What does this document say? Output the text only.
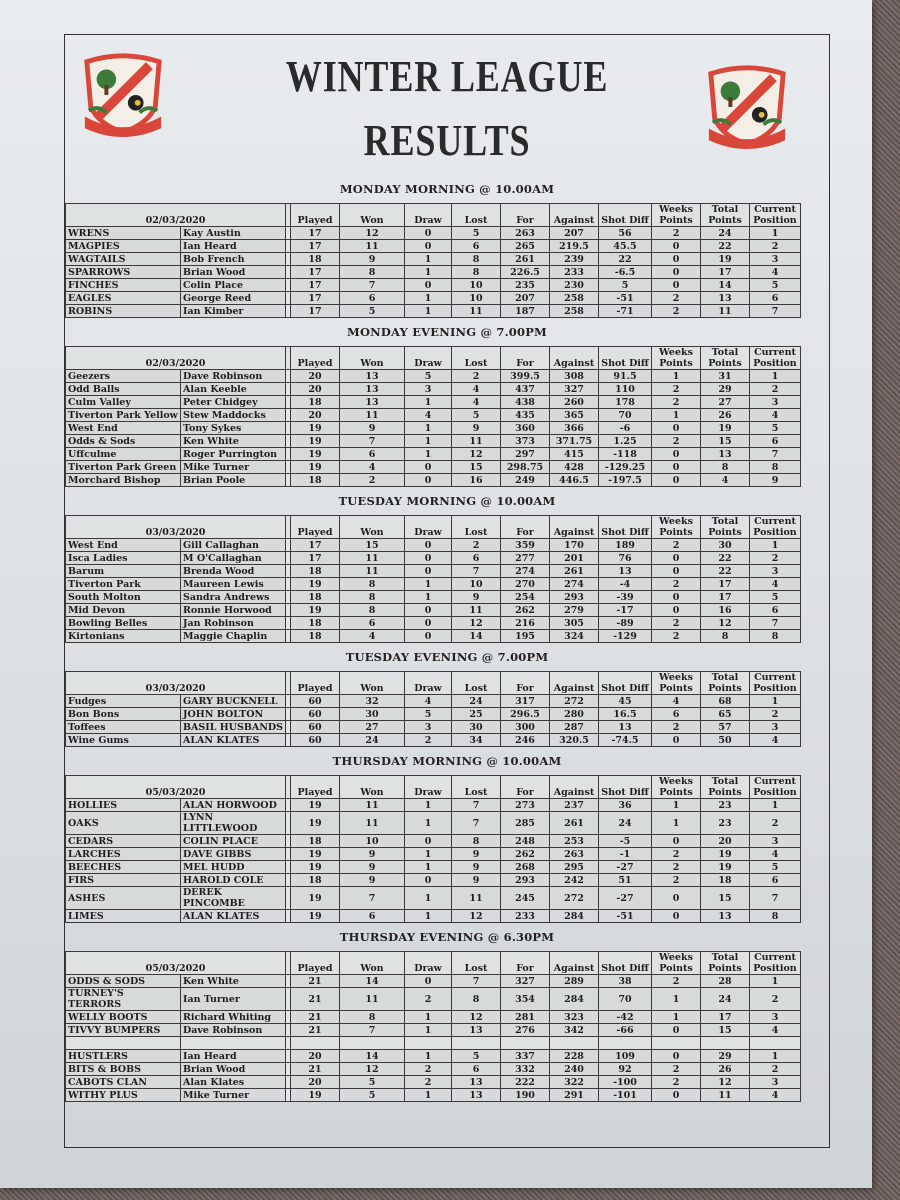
WINTER LEAGUE
RESULTS
MONDAY MORNING @ 10.00AM
02/03/2020			Played	Won	Draw	Lost	For	Against	Shot Diff	Weeks Points	Total Points	Current Position
WRENS	Kay Austin		17	12	0	5	263	207	56	2	24	1
MAGPIES	Ian Heard		17	11	0	6	265	219.5	45.5	0	22	2
WAGTAILS	Bob French		18	9	1	8	261	239	22	0	19	3
SPARROWS	Brian Wood		17	8	1	8	226.5	233	-6.5	0	17	4
FINCHES	Colin Place		17	7	0	10	235	230	5	0	14	5
EAGLES	George Reed		17	6	1	10	207	258	-51	2	13	6
ROBINS	Ian Kimber		17	5	1	11	187	258	-71	2	11	7
MONDAY EVENING @ 7.00PM
02/03/2020			Played	Won	Draw	Lost	For	Against	Shot Diff	Weeks Points	Total Points	Current Position
Geezers	Dave Robinson		20	13	5	2	399.5	308	91.5	1	31	1
Odd Balls	Alan Keeble		20	13	3	4	437	327	110	2	29	2
Culm Valley	Peter Chidgey		18	13	1	4	438	260	178	2	27	3
Tiverton Park Yellow	Stew Maddocks		20	11	4	5	435	365	70	1	26	4
West End	Tony Sykes		19	9	1	9	360	366	-6	0	19	5
Odds & Sods	Ken White		19	7	1	11	373	371.75	1.25	2	15	6
Uffculme	Roger Purrington		19	6	1	12	297	415	-118	0	13	7
Tiverton Park Green	Mike Turner		19	4	0	15	298.75	428	-129.25	0	8	8
Morchard Bishop	Brian Poole		18	2	0	16	249	446.5	-197.5	0	4	9
TUESDAY MORNING @ 10.00AM
03/03/2020			Played	Won	Draw	Lost	For	Against	Shot Diff	Weeks Points	Total Points	Current Position
West End	Gill Callaghan		17	15	0	2	359	170	189	2	30	1
Isca Ladies	M O'Callaghan		17	11	0	6	277	201	76	0	22	2
Barum	Brenda Wood		18	11	0	7	274	261	13	0	22	3
Tiverton Park	Maureen Lewis		19	8	1	10	270	274	-4	2	17	4
South Molton	Sandra Andrews		18	8	1	9	254	293	-39	0	17	5
Mid Devon	Ronnie Horwood		19	8	0	11	262	279	-17	0	16	6
Bowling Belles	Jan Robinson		18	6	0	12	216	305	-89	2	12	7
Kirtonians	Maggie Chaplin		18	4	0	14	195	324	-129	2	8	8
TUESDAY EVENING @ 7.00PM
03/03/2020			Played	Won	Draw	Lost	For	Against	Shot Diff	Weeks Points	Total Points	Current Position
Fudges	GARY BUCKNELL		60	32	4	24	317	272	45	4	68	1
Bon Bons	JOHN BOLTON		60	30	5	25	296.5	280	16.5	6	65	2
Toffees	BASIL HUSBANDS		60	27	3	30	300	287	13	2	57	3
Wine Gums	ALAN KLATES		60	24	2	34	246	320.5	-74.5	0	50	4
THURSDAY MORNING @ 10.00AM
05/03/2020			Played	Won	Draw	Lost	For	Against	Shot Diff	Weeks Points	Total Points	Current Position
HOLLIES	ALAN HORWOOD		19	11	1	7	273	237	36	1	23	1
OAKS	LYNN LITTLEWOOD		19	11	1	7	285	261	24	1	23	2
CEDARS	COLIN PLACE		18	10	0	8	248	253	-5	0	20	3
LARCHES	DAVE GIBBS		19	9	1	9	262	263	-1	2	19	4
BEECHES	MEL HUDD		19	9	1	9	268	295	-27	2	19	5
FIRS	HAROLD COLE		18	9	0	9	293	242	51	2	18	6
ASHES	DEREK PINCOMBE		19	7	1	11	245	272	-27	0	15	7
LIMES	ALAN KLATES		19	6	1	12	233	284	-51	0	13	8
THURSDAY EVENING @ 6.30PM
05/03/2020			Played	Won	Draw	Lost	For	Against	Shot Diff	Weeks Points	Total Points	Current Position
ODDS & SODS	Ken White		21	14	0	7	327	289	38	2	28	1
TURNEY'S TERRORS	Ian Turner		21	11	2	8	354	284	70	1	24	2
WELLY BOOTS	Richard Whiting		21	8	1	12	281	323	-42	1	17	3
TIVVY BUMPERS	Dave Robinson		21	7	1	13	276	342	-66	0	15	4

HUSTLERS	Ian Heard		20	14	1	5	337	228	109	0	29	1
BITS & BOBS	Brian Wood		21	12	2	6	332	240	92	2	26	2
CABOTS CLAN	Alan Klates		20	5	2	13	222	322	-100	2	12	3
WITHY PLUS	Mike Turner		19	5	1	13	190	291	-101	0	11	4
